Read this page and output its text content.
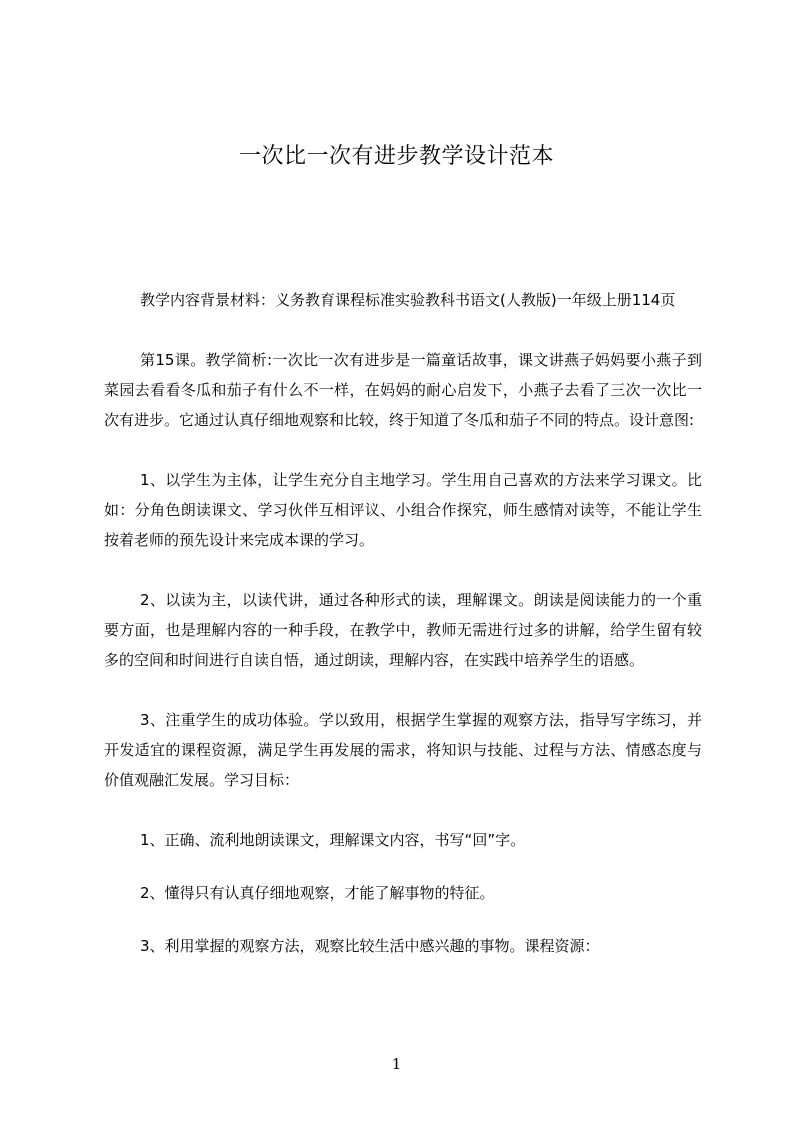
一次比一次有进步教学设计范本

教学内容背景材料：义务教育课程标准实验教科书语文(人教版)一年级上册114页

第15课。教学简析:一次比一次有进步是一篇童话故事，课文讲燕子妈妈要小燕子到菜园去看看冬瓜和茄子有什么不一样，在妈妈的耐心启发下，小燕子去看了三次一次比一次有进步。它通过认真仔细地观察和比较，终于知道了冬瓜和茄子不同的特点。设计意图:

1、以学生为主体，让学生充分自主地学习。学生用自己喜欢的方法来学习课文。比如：分角色朗读课文、学习伙伴互相评议、小组合作探究，师生感情对读等，不能让学生按着老师的预先设计来完成本课的学习。

2、以读为主，以读代讲，通过各种形式的读，理解课文。朗读是阅读能力的一个重要方面，也是理解内容的一种手段，在教学中，教师无需进行过多的讲解，给学生留有较多的空间和时间进行自读自悟，通过朗读，理解内容，在实践中培养学生的语感。

3、注重学生的成功体验。学以致用，根据学生掌握的观察方法，指导写字练习，并开发适宜的课程资源，满足学生再发展的需求，将知识与技能、过程与方法、情感态度与价值观融汇发展。学习目标：

1、正确、流利地朗读课文，理解课文内容，书写“回”字。

2、懂得只有认真仔细地观察，才能了解事物的特征。

3、利用掌握的观察方法，观察比较生活中感兴趣的事物。课程资源：

1
